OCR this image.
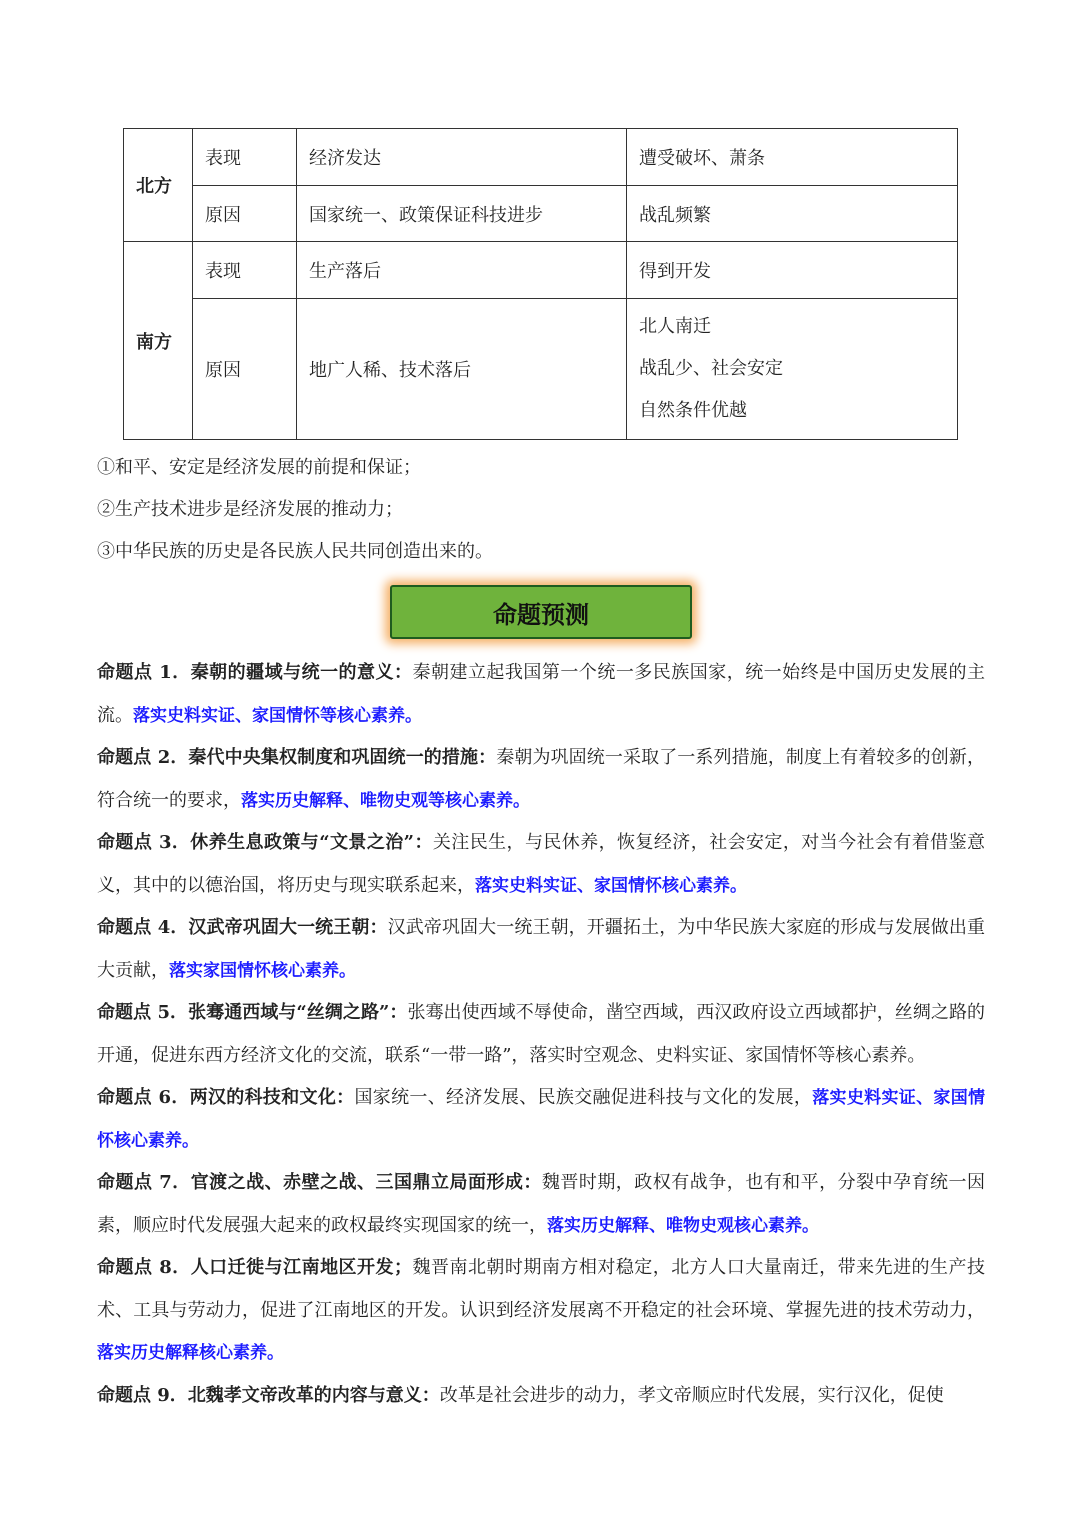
北方	表现	经济发达	遭受破坏、萧条
	原因	国家统一、政策保证科技进步	战乱频繁
南方	表现	生产落后	得到开发
	原因	地广人稀、技术落后	北人南迁
战乱少、社会安定
自然条件优越
①和平、安定是经济发展的前提和保证；
②生产技术进步是经济发展的推动力；
③中华民族的历史是各民族人民共同创造出来的。
命题预测
命题点 1．秦朝的疆域与统一的意义：秦朝建立起我国第一个统一多民族国家，统一始终是中国历史发展的主流。落实史料实证、家国情怀等核心素养。
命题点 2．秦代中央集权制度和巩固统一的措施：秦朝为巩固统一采取了一系列措施，制度上有着较多的创新，符合统一的要求，落实历史解释、唯物史观等核心素养。
命题点 3．休养生息政策与“文景之治”：关注民生，与民休养，恢复经济，社会安定，对当今社会有着借鉴意义，其中的以德治国，将历史与现实联系起来，落实史料实证、家国情怀核心素养。
命题点 4．汉武帝巩固大一统王朝：汉武帝巩固大一统王朝，开疆拓土，为中华民族大家庭的形成与发展做出重大贡献，落实家国情怀核心素养。
命题点 5．张骞通西域与“丝绸之路”：张骞出使西域不辱使命，凿空西域，西汉政府设立西域都护，丝绸之路的开通，促进东西方经济文化的交流，联系“一带一路”，落实时空观念、史料实证、家国情怀等核心素养。
命题点 6．两汉的科技和文化：国家统一、经济发展、民族交融促进科技与文化的发展，落实史料实证、家国情怀核心素养。
命题点 7．官渡之战、赤壁之战、三国鼎立局面形成：魏晋时期，政权有战争，也有和平，分裂中孕育统一因素，顺应时代发展强大起来的政权最终实现国家的统一，落实历史解释、唯物史观核心素养。
命题点 8．人口迁徙与江南地区开发；魏晋南北朝时期南方相对稳定，北方人口大量南迁，带来先进的生产技术、工具与劳动力，促进了江南地区的开发。认识到经济发展离不开稳定的社会环境、掌握先进的技术劳动力，落实历史解释核心素养。
命题点 9．北魏孝文帝改革的内容与意义：改革是社会进步的动力，孝文帝顺应时代发展，实行汉化，促使
